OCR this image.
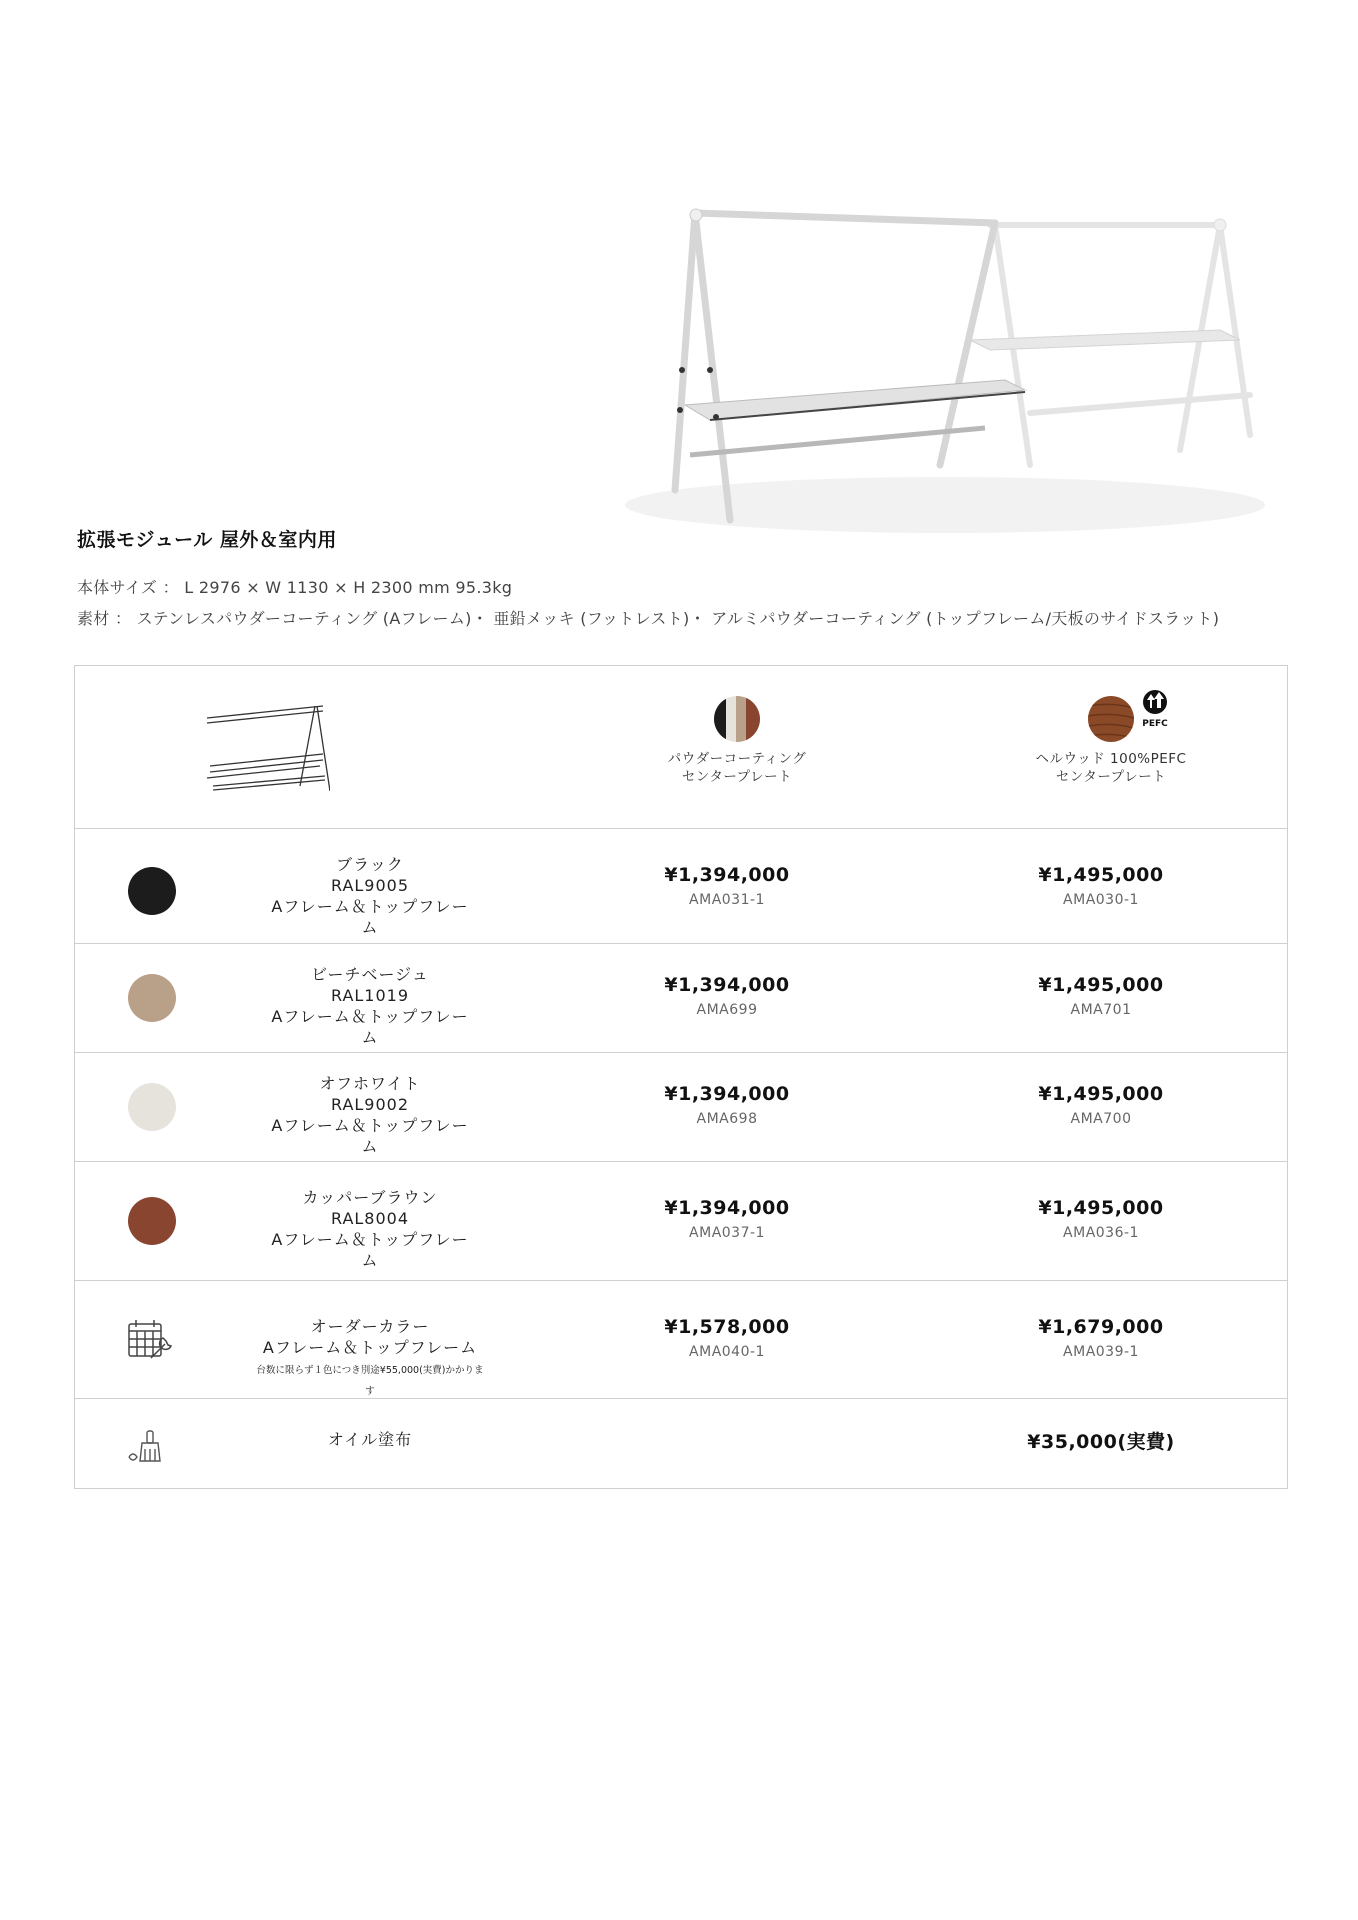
拡張モジュール 屋外＆室内用
本体サイズ ： L 2976 × W 1130 × H 2300 mm 95.3kg
素材 ： ステンレスパウダーコーティング (Aフレーム)・ 亜鉛メッキ (フットレスト)・ アルミパウダーコーティング (トップフレーム/天板のサイドスラット)
パウダーコーティング
センタープレート
ヘルウッド 100%PEFC
センタープレート
PEFC
ブラック
RAL9005
Aフレーム＆トップフレーム
¥1,394,000
AMA031-1
¥1,495,000
AMA030-1
ビーチベージュ
RAL1019
Aフレーム＆トップフレーム
¥1,394,000
AMA699
¥1,495,000
AMA701
オフホワイト
RAL9002
Aフレーム＆トップフレーム
¥1,394,000
AMA698
¥1,495,000
AMA700
カッパーブラウン
RAL8004
Aフレーム＆トップフレーム
¥1,394,000
AMA037-1
¥1,495,000
AMA036-1
オーダーカラー
Aフレーム＆トップフレーム
台数に限らず１色につき別途¥55,000(実費)かかります
¥1,578,000
AMA040-1
¥1,679,000
AMA039-1
オイル塗布	¥35,000(実費)
